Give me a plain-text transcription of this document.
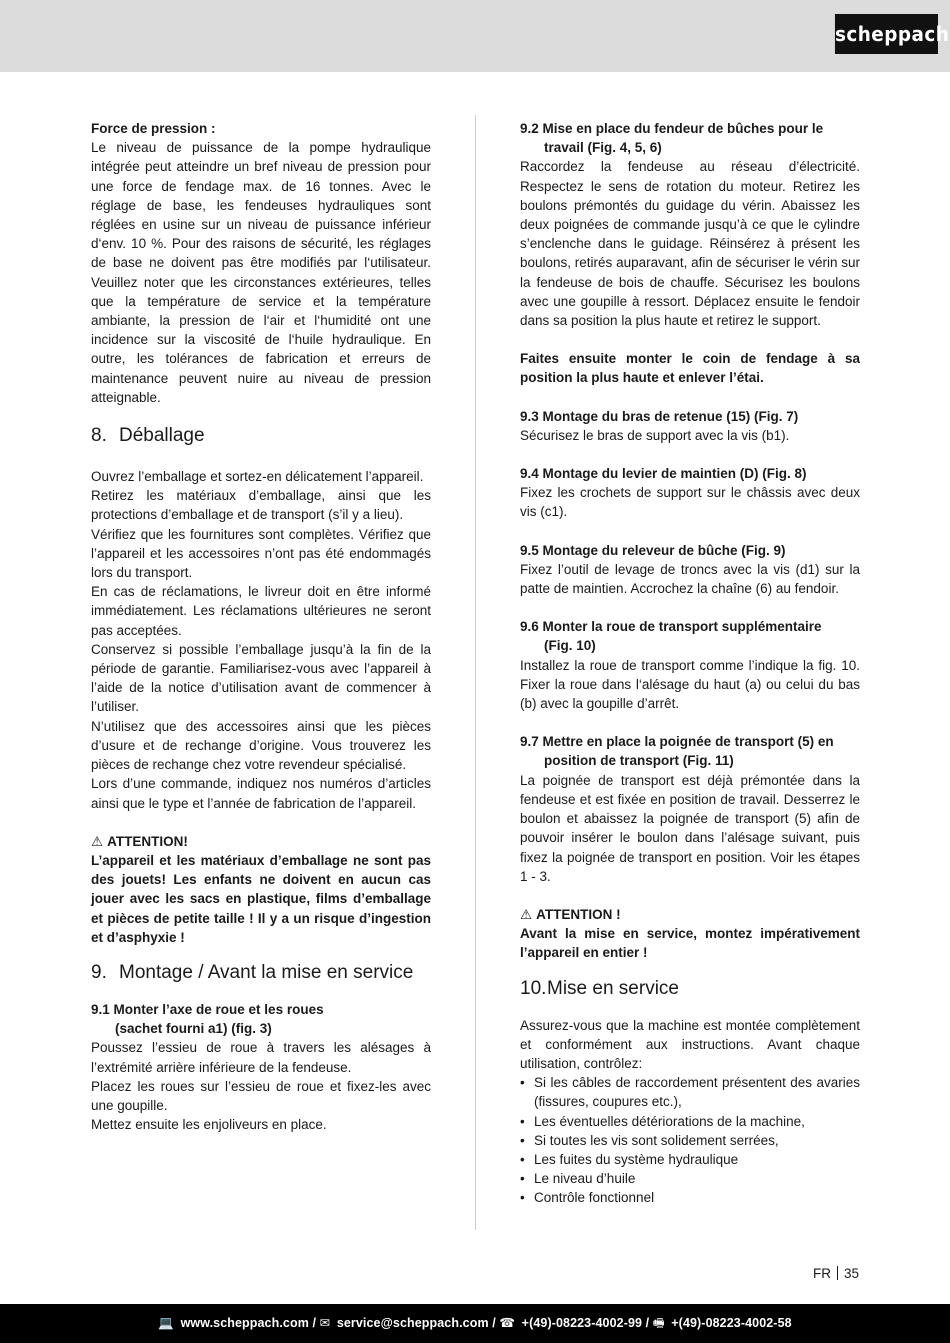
scheppach

Force de pression :

Le niveau de puissance de la pompe hydraulique intégrée peut atteindre un bref niveau de pression pour une force de fendage max. de 16 tonnes. Avec le réglage de base, les fendeuses hydrauliques sont réglées en usine sur un niveau de puissance inférieur d‘env. 10 %. Pour des raisons de sécurité, les réglages de base ne doivent pas être modifiés par l‘utilisateur. Veuillez noter que les circonstances extérieures, telles que la température de service et la température ambiante, la pression de l‘air et l‘humidité ont une incidence sur la viscosité de l‘huile hydraulique. En outre, les tolérances de fabrication et erreurs de maintenance peuvent nuire au niveau de pression atteignable.

8. Déballage

Ouvrez l’emballage et sortez-en délicatement l’appareil.

Retirez les matériaux d’emballage, ainsi que les protections d’emballage et de transport (s’il y a lieu).

Vérifiez que les fournitures sont complètes. Vérifiez que l’appareil et les accessoires n’ont pas été endommagés lors du transport.

En cas de réclamations, le livreur doit en être informé immédiatement. Les réclamations ultérieures ne seront pas acceptées.

Conservez si possible l’emballage jusqu’à la fin de la période de garantie. Familiarisez-vous avec l’appareil à l’aide de la notice d’utilisation avant de commencer à l’utiliser.

N’utilisez que des accessoires ainsi que les pièces d’usure et de rechange d’origine. Vous trouverez les pièces de rechange chez votre revendeur spécialisé.

Lors d’une commande, indiquez nos numéros d’articles ainsi que le type et l’année de fabrication de l’appareil.

⚠ ATTENTION!

L’appareil et les matériaux d’emballage ne sont pas des jouets! Les enfants ne doivent en aucun cas jouer avec les sacs en plastique, films d’emballage et pièces de petite taille ! Il y a un risque d’ingestion et d’asphyxie !

9. Montage / Avant la mise en service

9.1 Monter l’axe de roue et les roues
(sachet fourni a1) (fig. 3)

Poussez l’essieu de roue à travers les alésages à l’extrémité arrière inférieure de la fendeuse.

Placez les roues sur l’essieu de roue et fixez-les avec une goupille.

Mettez ensuite les enjoliveurs en place.

9.2 Mise en place du fendeur de bûches pour le
travail (Fig. 4, 5, 6)

Raccordez la fendeuse au réseau d’électricité. Respectez le sens de rotation du moteur. Retirez les boulons prémontés du guidage du vérin. Abaissez les deux poignées de commande jusqu’à ce que le cylindre s’enclenche dans le guidage. Réinsérez à présent les boulons, retirés auparavant, afin de sécuriser le vérin sur la fendeuse de bois de chauffe. Sécurisez les boulons avec une goupille à ressort. Déplacez ensuite le fendoir dans sa position la plus haute et retirez le support.

Faites ensuite monter le coin de fendage à sa position la plus haute et enlever l’étai.

9.3 Montage du bras de retenue (15) (Fig. 7)

Sécurisez le bras de support avec la vis (b1).

9.4 Montage du levier de maintien (D) (Fig. 8)

Fixez les crochets de support sur le châssis avec deux vis (c1).

9.5 Montage du releveur de bûche (Fig. 9)

Fixez l’outil de levage de troncs avec la vis (d1) sur la patte de maintien. Accrochez la chaîne (6) au fendoir.

9.6 Monter la roue de transport supplémentaire
(Fig. 10)

Installez la roue de transport comme l’indique la fig. 10. Fixer la roue dans l‘alésage du haut (a) ou celui du bas (b) avec la goupille d’arrêt.

9.7 Mettre en place la poignée de transport (5) en
position de transport (Fig. 11)

La poignée de transport est déjà prémontée dans la fendeuse et est fixée en position de travail. Desserrez le boulon et abaissez la poignée de transport (5) afin de pouvoir insérer le boulon dans l’alésage suivant, puis fixez la poignée de transport en position. Voir les étapes 1 - 3.

⚠ ATTENTION !

Avant la mise en service, montez impérativement l’appareil en entier !

10.Mise en service

Assurez-vous que la machine est montée complètement et conformément aux instructions. Avant chaque utilisation, contrôlez:

• Si les câbles de raccordement présentent des avaries (fissures, coupures etc.),
• Les éventuelles détériorations de la machine,
• Si toutes les vis sont solidement serrées,
• Les fuites du système hydraulique
• Le niveau d’huile
• Contrôle fonctionnel
FR 35
💻 www.scheppach.com / ✉ service@scheppach.com / ☎ +(49)-08223-4002-99 / 🖷 +(49)-08223-4002-58
